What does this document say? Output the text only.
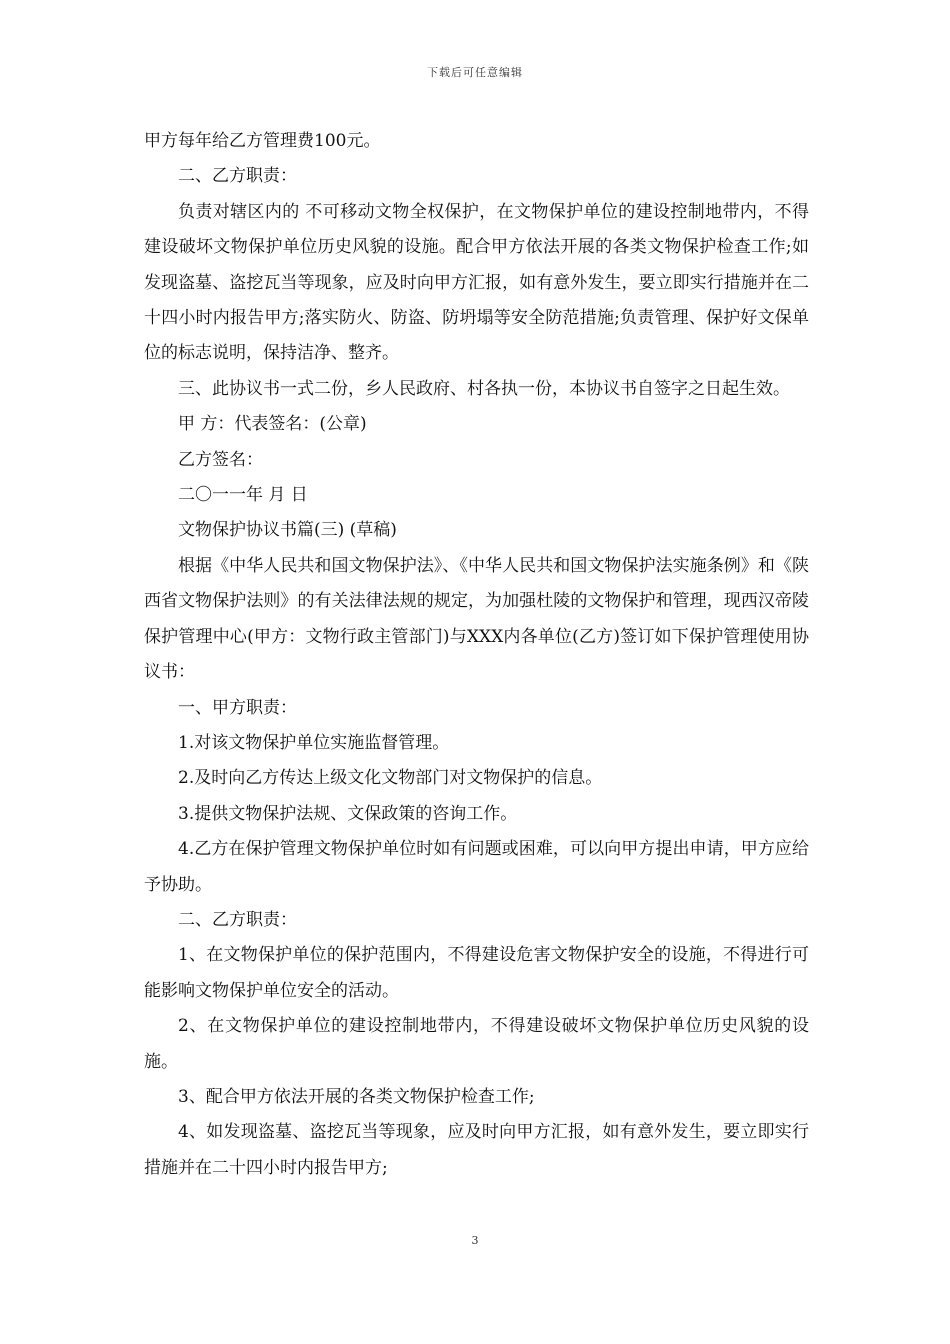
下载后可任意编辑

甲方每年给乙方管理费100元。

二、乙方职责：

负责对辖区内的 不可移动文物全权保护，在文物保护单位的建设控制地带内，不得建设破坏文物保护单位历史风貌的设施。配合甲方依法开展的各类文物保护检查工作;如发现盗墓、盗挖瓦当等现象，应及时向甲方汇报，如有意外发生，要立即实行措施并在二十四小时内报告甲方;落实防火、防盗、防坍塌等安全防范措施;负责管理、保护好文保单位的标志说明，保持洁净、整齐。

三、此协议书一式二份，乡人民政府、村各执一份，本协议书自签字之日起生效。

甲 方：代表签名：(公章)

乙方签名：

二〇一一年 月 日

文物保护协议书篇(三) (草稿)

根据《中华人民共和国文物保护法》、《中华人民共和国文物保护法实施条例》和《陕西省文物保护法则》的有关法律法规的规定，为加强杜陵的文物保护和管理，现西汉帝陵保护管理中心(甲方：文物行政主管部门)与XXX内各单位(乙方)签订如下保护管理使用协议书：

一、甲方职责：

1.对该文物保护单位实施监督管理。

2.及时向乙方传达上级文化文物部门对文物保护的信息。

3.提供文物保护法规、文保政策的咨询工作。

4.乙方在保护管理文物保护单位时如有问题或困难，可以向甲方提出申请，甲方应给予协助。

二、乙方职责：

1、在文物保护单位的保护范围内，不得建设危害文物保护安全的设施，不得进行可能影响文物保护单位安全的活动。

2、在文物保护单位的建设控制地带内，不得建设破坏文物保护单位历史风貌的设施。

3、配合甲方依法开展的各类文物保护检查工作;

4、如发现盗墓、盗挖瓦当等现象，应及时向甲方汇报，如有意外发生，要立即实行措施并在二十四小时内报告甲方;

3
